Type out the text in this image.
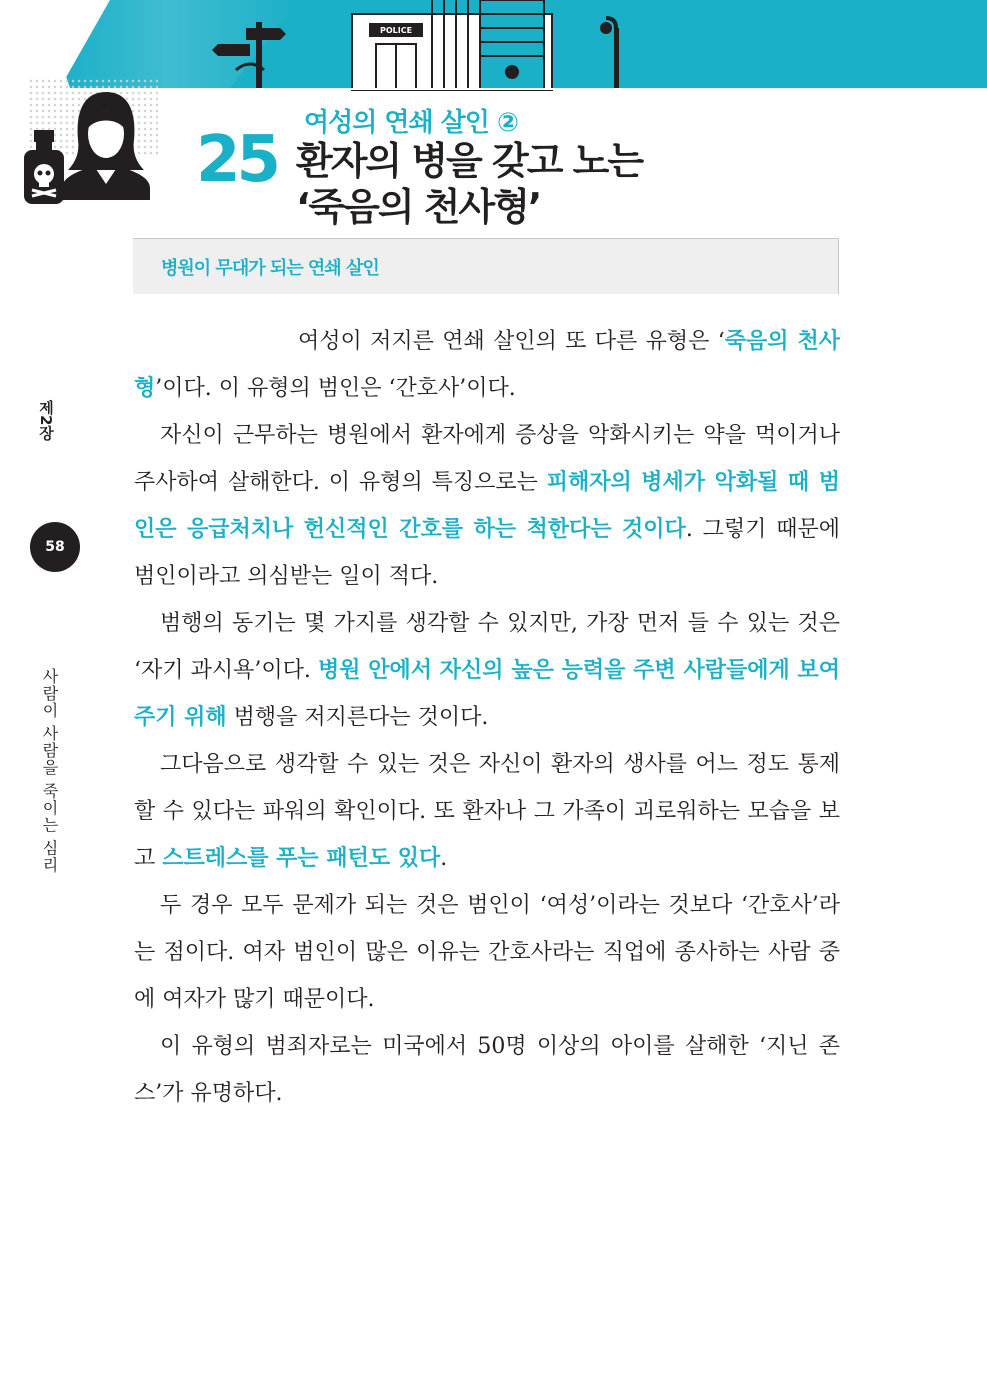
POLICE
25 여성의 연쇄 살인 ②
환자의 병을 갖고 노는
‘죽음의 천사형’
병원이 무대가 되는 연쇄 살인
제2장
58
사람이 사람을 죽이는 심리

여성이 저지른 연쇄 살인의 또 다른 유형은 ‘죽음의 천사형’이다. 이 유형의 범인은 ‘간호사’이다.

자신이 근무하는 병원에서 환자에게 증상을 악화시키는 약을 먹이거나 주사하여 살해한다. 이 유형의 특징으로는 피해자의 병세가 악화될 때 범인은 응급처치나 헌신적인 간호를 하는 척한다는 것이다. 그렇기 때문에 범인이라고 의심받는 일이 적다.

범행의 동기는 몇 가지를 생각할 수 있지만, 가장 먼저 들 수 있는 것은 ‘자기 과시욕’이다. 병원 안에서 자신의 높은 능력을 주변 사람들에게 보여 주기 위해 범행을 저지른다는 것이다.

그다음으로 생각할 수 있는 것은 자신이 환자의 생사를 어느 정도 통제할 수 있다는 파워의 확인이다. 또 환자나 그 가족이 괴로워하는 모습을 보고 스트레스를 푸는 패턴도 있다.

두 경우 모두 문제가 되는 것은 범인이 ‘여성’이라는 것보다 ‘간호사’라는 점이다. 여자 범인이 많은 이유는 간호사라는 직업에 종사하는 사람 중에 여자가 많기 때문이다.

이 유형의 범죄자로는 미국에서 50명 이상의 아이를 살해한 ‘지닌 존스’가 유명하다.
